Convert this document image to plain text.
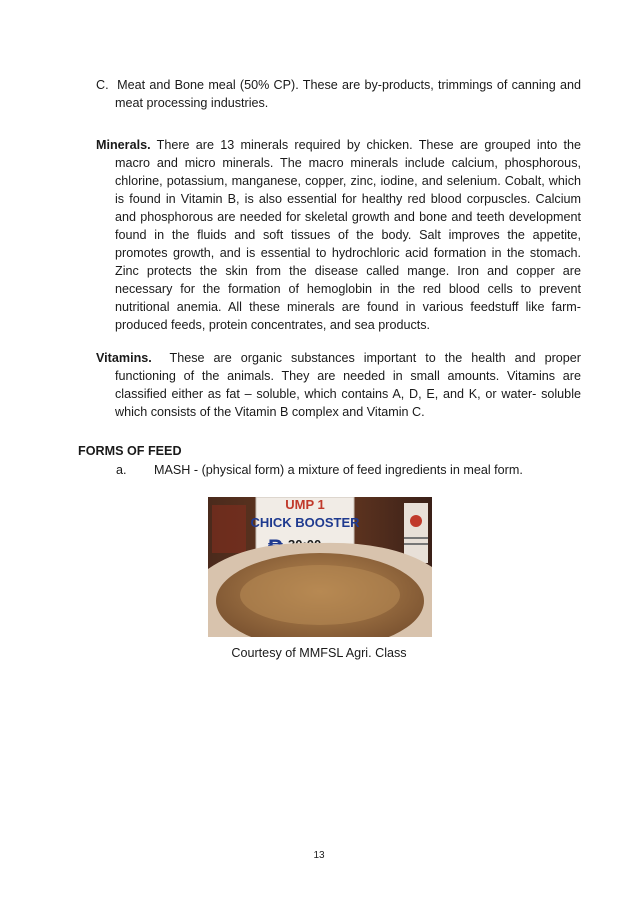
C. Meat and Bone meal (50% CP). These are by-products, trimmings of canning and meat processing industries.
Minerals. There are 13 minerals required by chicken. These are grouped into the macro and micro minerals. The macro minerals include calcium, phosphorous, chlorine, potassium, manganese, copper, zinc, iodine, and selenium. Cobalt, which is found in Vitamin B, is also essential for healthy red blood corpuscles. Calcium and phosphorous are needed for skeletal growth and bone and teeth development found in the fluids and soft tissues of the body. Salt improves the appetite, promotes growth, and is essential to hydrochloric acid formation in the stomach. Zinc protects the skin from the disease called mange. Iron and copper are necessary for the formation of hemoglobin in the red blood cells to prevent nutritional anemia. All these minerals are found in various feedstuff like farm-produced feeds, protein concentrates, and sea products.
Vitamins. These are organic substances important to the health and proper functioning of the animals. They are needed in small amounts. Vitamins are classified either as fat – soluble, which contains A, D, E, and K, or water- soluble which consists of the Vitamin B complex and Vitamin C.
FORMS OF FEED
a. MASH - (physical form) a mixture of feed ingredients in meal form.
UMP 1
CHICK BOOSTER
Courtesy of MMFSL Agri. Class
13
